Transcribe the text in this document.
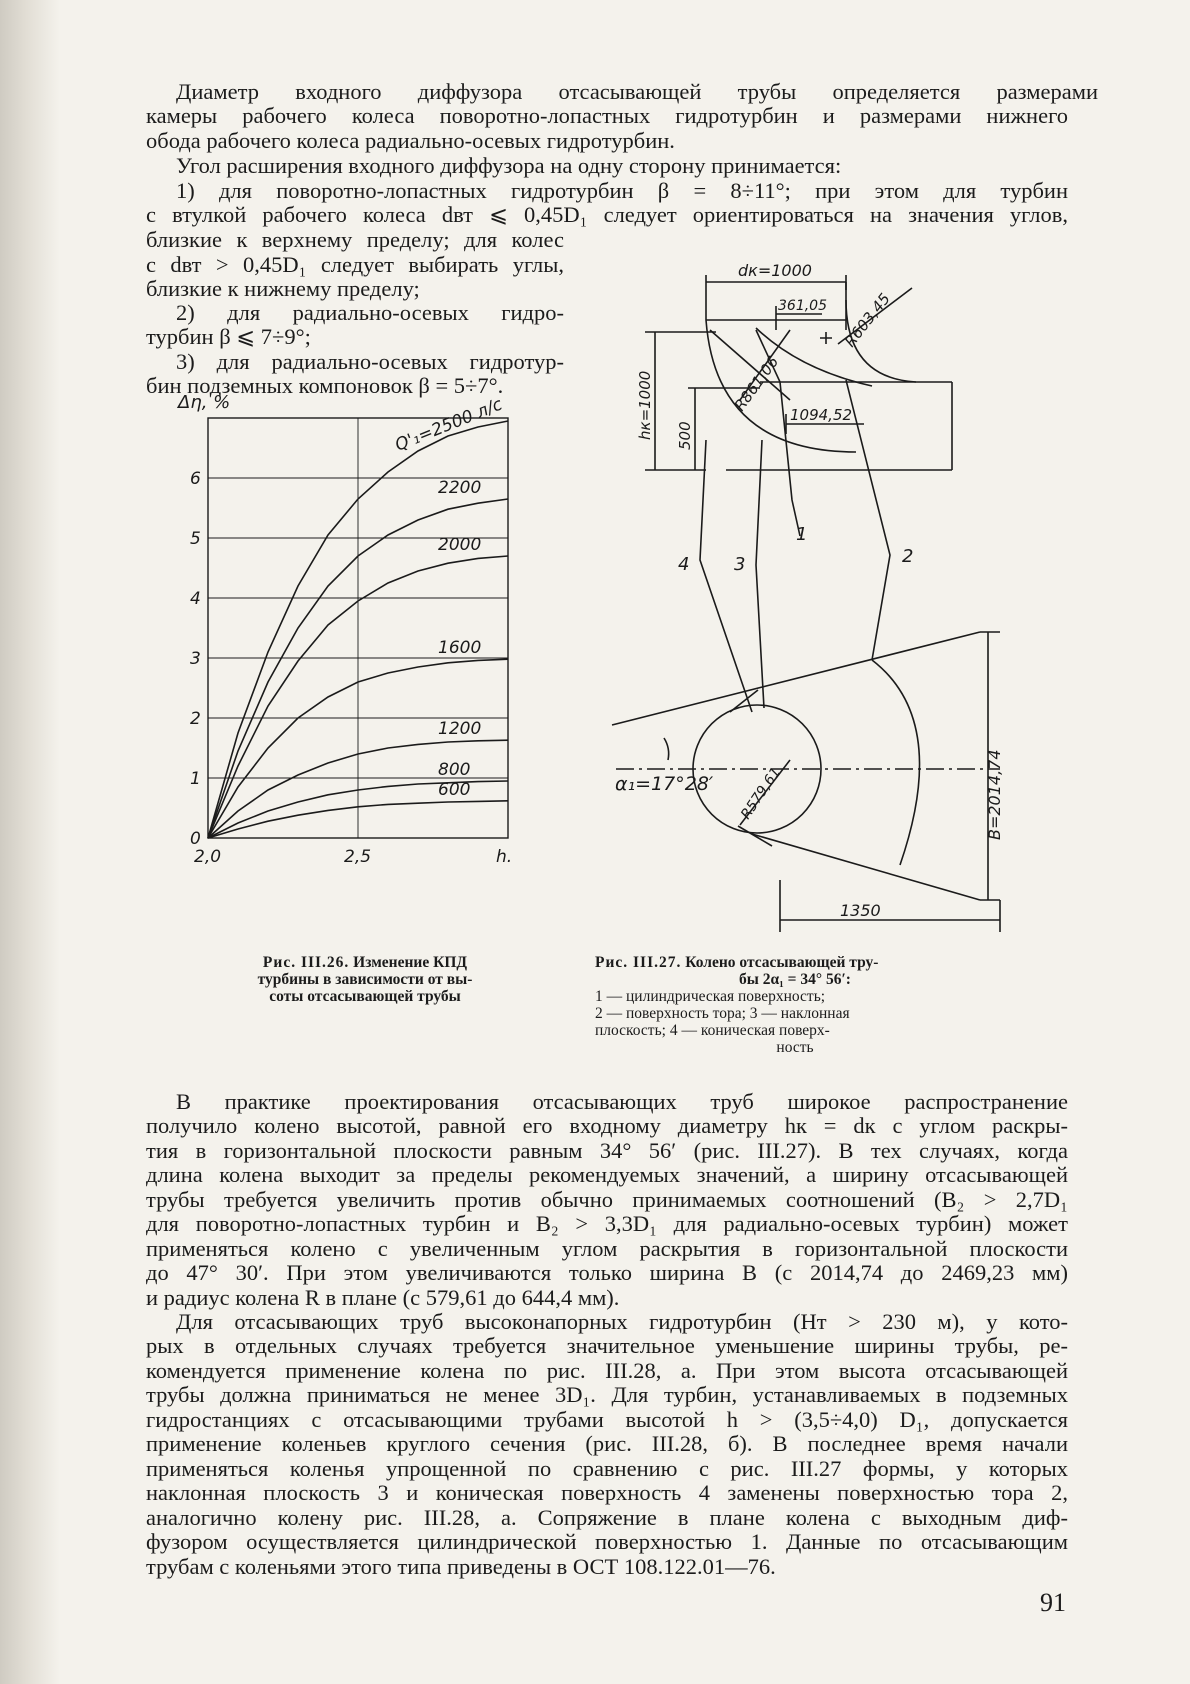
Диаметр входного диффузора отсасывающей трубы определяется размерами
камеры рабочего колеса поворотно-лопастных гидротурбин и размерами нижнего
обода рабочего колеса радиально-осевых гидротурбин.
Угол расширения входного диффузора на одну сторону принимается:
1) для поворотно-лопастных гидротурбин β = 8÷11°; при этом для турбин
с втулкой рабочего колеса dвт ⩽ 0,45D₁ следует ориентироваться на значения углов,
близкие к верхнему пределу; для колес
с dвт > 0,45D₁ следует выбирать углы,
близкие к нижнему пределу;
2) для радиально-осевых гидро-
турбин β ⩽ 7÷9°;
3) для радиально-осевых гидротур-
бин подземных компоновок β = 5÷7°.
0
1
2
3
4
5
6
2,0	2,5	h.
Δη, %	Q'₁=2500 л/с
2200
2000
1600
1200
800
600
dк=1000
361,05 R603,45
R861,06
1094,52
hк=1000 500
1
2
3
4
α₁=17°28′ R579,61	B=2014,74
1350
Рис. III.26. Изменение КПД
турбины в зависимости от вы-
соты отсасывающей трубы
Рис. III.27. Колено отсасывающей тру-
бы 2α₁ = 34° 56′:
1 — цилиндрическая поверхность;
2 — поверхность тора; 3 — наклонная
плоскость; 4 — коническая поверх-
ность
В практике проектирования отсасывающих труб широкое распространение
получило колено высотой, равной его входному диаметру hк = dк с углом раскры-
тия в горизонтальной плоскости равным 34° 56′ (рис. III.27). В тех случаях, когда
длина колена выходит за пределы рекомендуемых значений, а ширину отсасывающей
трубы требуется увеличить против обычно принимаемых соотношений (B₂ > 2,7D₁
для поворотно-лопастных турбин и B₂ > 3,3D₁ для радиально-осевых турбин) может
применяться колено с увеличенным углом раскрытия в горизонтальной плоскости
до 47° 30′. При этом увеличиваются только ширина B (с 2014,74 до 2469,23 мм)
и радиус колена R в плане (с 579,61 до 644,4 мм).
Для отсасывающих труб высоконапорных гидротурбин (Hт > 230 м), у кото-
рых в отдельных случаях требуется значительное уменьшение ширины трубы, ре-
комендуется применение колена по рис. III.28, а. При этом высота отсасывающей
трубы должна приниматься не менее 3D₁. Для турбин, устанавливаемых в подземных
гидростанциях с отсасывающими трубами высотой h > (3,5÷4,0) D₁, допускается
применение коленьев круглого сечения (рис. III.28, б). В последнее время начали
применяться коленья упрощенной по сравнению с рис. III.27 формы, у которых
наклонная плоскость 3 и коническая поверхность 4 заменены поверхностью тора 2,
аналогично колену рис. III.28, а. Сопряжение в плане колена с выходным диф-
фузором осуществляется цилиндрической поверхностью 1. Данные по отсасывающим
трубам с коленьями этого типа приведены в ОСТ 108.122.01—76.
91
